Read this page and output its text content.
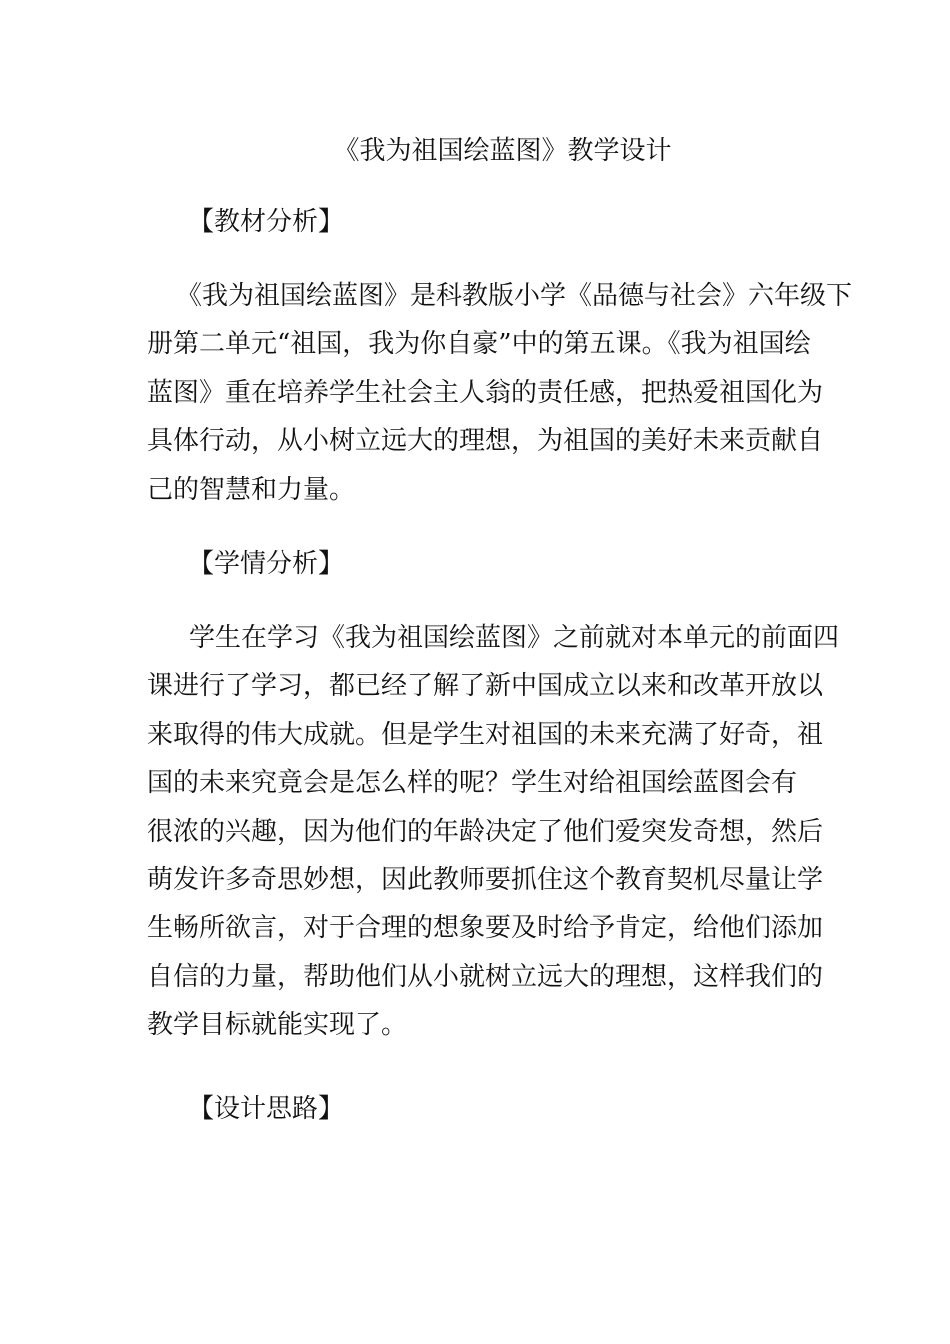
《我为祖国绘蓝图》教学设计
【教材分析】
《我为祖国绘蓝图》是科教版小学《品德与社会》六年级下
册第二单元“祖国，我为你自豪”中的第五课。《我为祖国绘
蓝图》重在培养学生社会主人翁的责任感，把热爱祖国化为
具体行动，从小树立远大的理想，为祖国的美好未来贡献自
己的智慧和力量。
【学情分析】
学生在学习《我为祖国绘蓝图》之前就对本单元的前面四
课进行了学习，都已经了解了新中国成立以来和改革开放以
来取得的伟大成就。但是学生对祖国的未来充满了好奇，祖
国的未来究竟会是怎么样的呢？学生对给祖国绘蓝图会有
很浓的兴趣，因为他们的年龄决定了他们爱突发奇想，然后
萌发许多奇思妙想，因此教师要抓住这个教育契机尽量让学
生畅所欲言，对于合理的想象要及时给予肯定，给他们添加
自信的力量，帮助他们从小就树立远大的理想，这样我们的
教学目标就能实现了。
【设计思路】
